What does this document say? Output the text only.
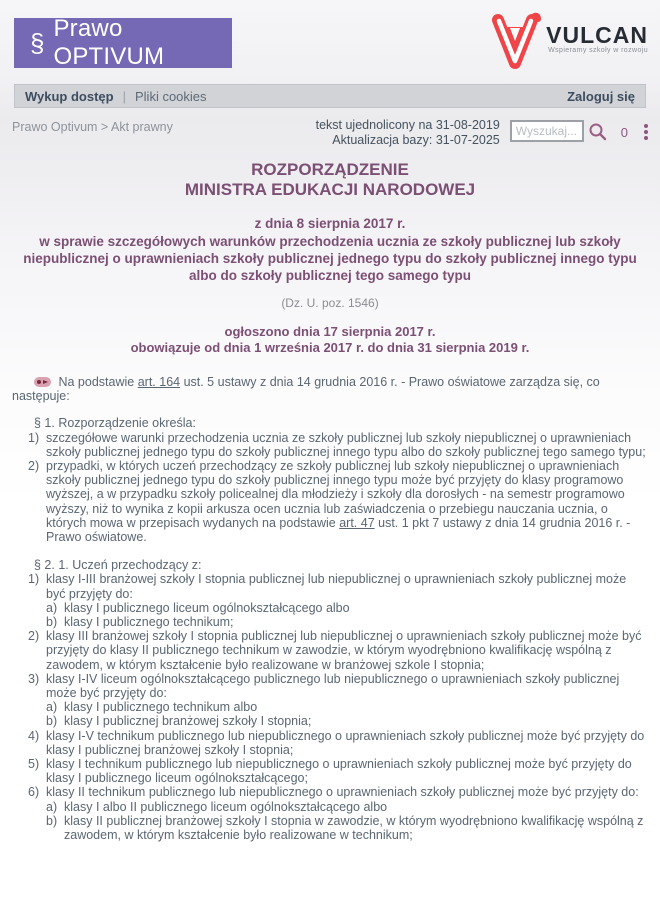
§ Prawo OPTIVUM
VULCAN
Wspieramy szkoły w rozwoju
Wykup dostęp | Pliki cookies	Zaloguj się
Prawo Optivum > Akt prawny	tekst ujednolicony na 31-08-2019
Aktualizacja bazy: 31-07-2025
Wyszukaj...	0
ROZPORZĄDZENIE
MINISTRA EDUKACJI NARODOWEJ
z dnia 8 sierpnia 2017 r.
w sprawie szczegółowych warunków przechodzenia ucznia ze szkoły publicznej lub szkoły niepublicznej o uprawnieniach szkoły publicznej jednego typu do szkoły publicznej innego typu albo do szkoły publicznej tego samego typu
(Dz. U. poz. 1546)
ogłoszono dnia 17 sierpnia 2017 r.
obowiązuje od dnia 1 września 2017 r. do dnia 31 sierpnia 2019 r.

Na podstawie art. 164 ust. 5 ustawy z dnia 14 grudnia 2016 r. - Prawo oświatowe zarządza się, co następuje:

§ 1. Rozporządzenie określa:

1) szczegółowe warunki przechodzenia ucznia ze szkoły publicznej lub szkoły niepublicznej o uprawnieniach szkoły publicznej jednego typu do szkoły publicznej innego typu albo do szkoły publicznej tego samego typu;
2) przypadki, w których uczeń przechodzący ze szkoły publicznej lub szkoły niepublicznej o uprawnieniach szkoły publicznej jednego typu do szkoły publicznej innego typu może być przyjęty do klasy programowo wyższej, a w przypadku szkoły policealnej dla młodzieży i szkoły dla dorosłych - na semestr programowo wyższy, niż to wynika z kopii arkusza ocen ucznia lub zaświadczenia o przebiegu nauczania ucznia, o których mowa w przepisach wydanych na podstawie art. 47 ust. 1 pkt 7 ustawy z dnia 14 grudnia 2016 r. - Prawo oświatowe.

§ 2. 1. Uczeń przechodzący z:

1) klasy I-III branżowej szkoły I stopnia publicznej lub niepublicznej o uprawnieniach szkoły publicznej może być przyjęty do:
a) klasy I publicznego liceum ogólnokształcącego albo
b) klasy I publicznego technikum;
2) klasy III branżowej szkoły I stopnia publicznej lub niepublicznej o uprawnieniach szkoły publicznej może być przyjęty do klasy II publicznego technikum w zawodzie, w którym wyodrębniono kwalifikację wspólną z zawodem, w którym kształcenie było realizowane w branżowej szkole I stopnia;
3) klasy I-IV liceum ogólnokształcącego publicznego lub niepublicznego o uprawnieniach szkoły publicznej może być przyjęty do:
a) klasy I publicznego technikum albo
b) klasy I publicznej branżowej szkoły I stopnia;
4) klasy I-V technikum publicznego lub niepublicznego o uprawnieniach szkoły publicznej może być przyjęty do klasy I publicznej branżowej szkoły I stopnia;
5) klasy I technikum publicznego lub niepublicznego o uprawnieniach szkoły publicznej może być przyjęty do klasy I publicznego liceum ogólnokształcącego;
6) klasy II technikum publicznego lub niepublicznego o uprawnieniach szkoły publicznej może być przyjęty do:
a) klasy I albo II publicznego liceum ogólnokształcącego albo
b) klasy II publicznej branżowej szkoły I stopnia w zawodzie, w którym wyodrębniono kwalifikację wspólną z zawodem, w którym kształcenie było realizowane w technikum;
